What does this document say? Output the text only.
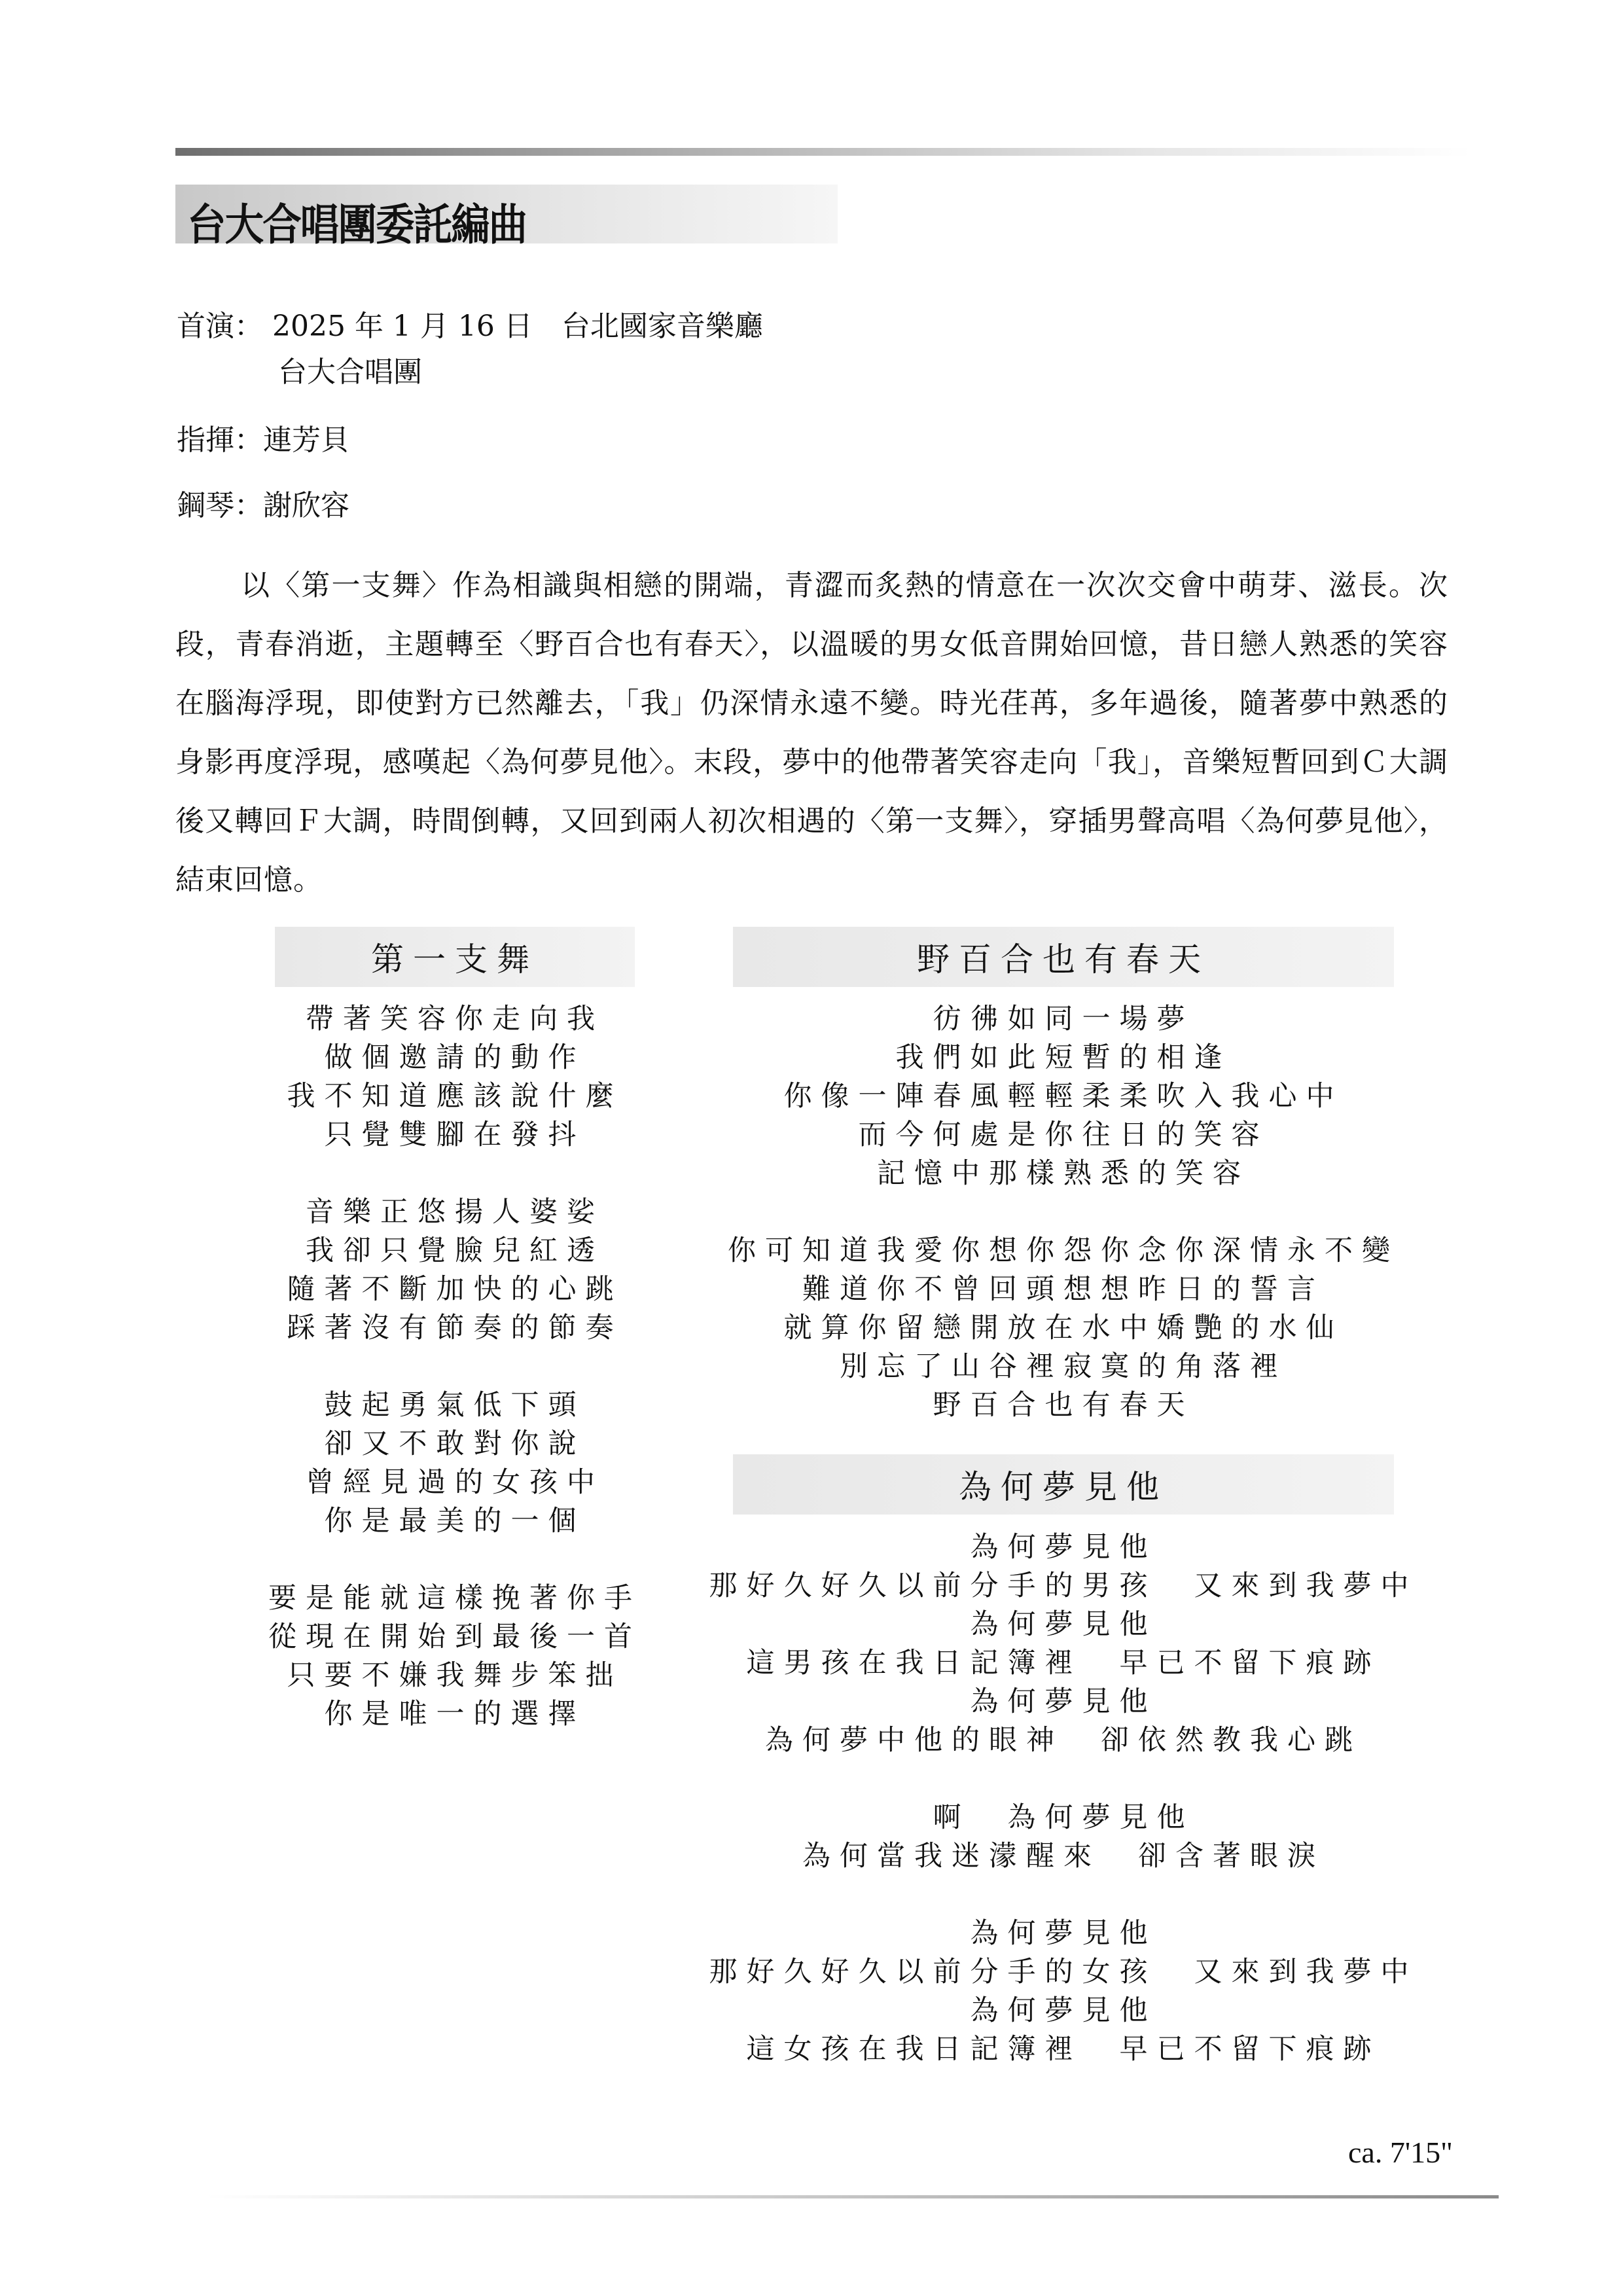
台大合唱團委託編曲
首演： 2025 年 1 月 16 日　台北國家音樂廳
台大合唱團
指揮：連芳貝
鋼琴：謝欣容
以〈第一支舞〉作為相識與相戀的開端，青澀而炙熱的情意在一次次交會中萌芽、滋長。次段，青春消逝，主題轉至〈野百合也有春天〉，以溫暖的男女低音開始回憶，昔日戀人熟悉的笑容在腦海浮現，即使對方已然離去，「我」仍深情永遠不變。時光荏苒，多年過後，隨著夢中熟悉的身影再度浮現，感嘆起〈為何夢見他〉。末段，夢中的他帶著笑容走向「我」，音樂短暫回到Ｃ大調後又轉回Ｆ大調，時間倒轉，又回到兩人初次相遇的〈第一支舞〉，穿插男聲高唱〈為何夢見他〉，結束回憶。
第一支舞
帶著笑容你走向我
做個邀請的動作
我不知道應該說什麼
只覺雙腳在發抖
音樂正悠揚人婆娑
我卻只覺臉兒紅透
隨著不斷加快的心跳
踩著沒有節奏的節奏
鼓起勇氣低下頭
卻又不敢對你說
曾經見過的女孩中
你是最美的一個
要是能就這樣挽著你手
從現在開始到最後一首
只要不嫌我舞步笨拙
你是唯一的選擇
野百合也有春天
彷彿如同一場夢
我們如此短暫的相逢
你像一陣春風輕輕柔柔吹入我心中
而今何處是你往日的笑容
記憶中那樣熟悉的笑容
你可知道我愛你想你怨你念你深情永不變
難道你不曾回頭想想昨日的誓言
就算你留戀開放在水中嬌艷的水仙
別忘了山谷裡寂寞的角落裡
野百合也有春天
為何夢見他
為何夢見他
那好久好久以前分手的男孩　又來到我夢中
為何夢見他
這男孩在我日記簿裡　早已不留下痕跡
為何夢見他
為何夢中他的眼神　卻依然教我心跳
啊　為何夢見他
為何當我迷濛醒來　卻含著眼淚
為何夢見他
那好久好久以前分手的女孩　又來到我夢中
為何夢見他
這女孩在我日記簿裡　早已不留下痕跡
ca. 7'15"
